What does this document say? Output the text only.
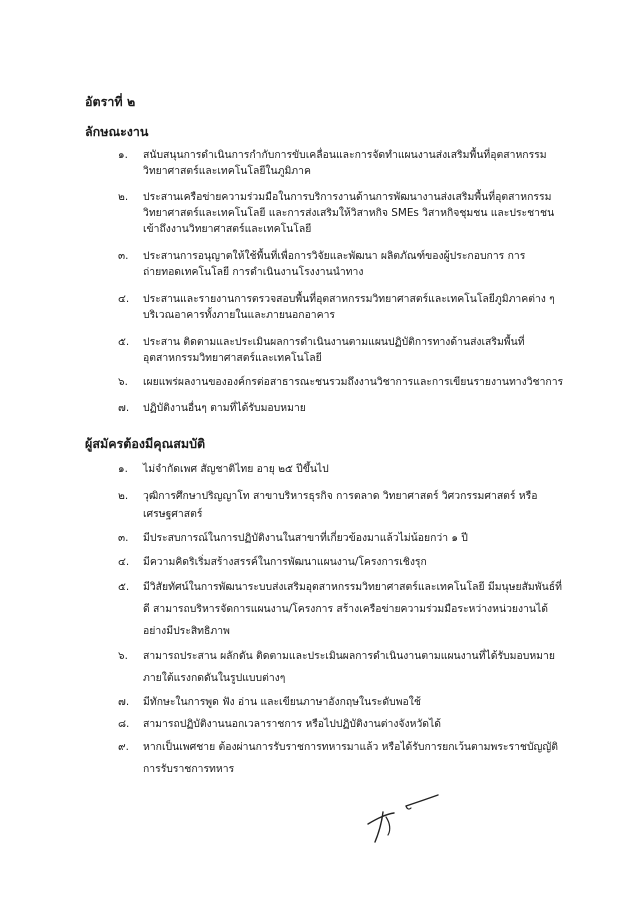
อัตราที่ ๒
ลักษณะงาน
๑. สนับสนุนการดำเนินการกำกับการขับเคลื่อนและการจัดทำแผนงานส่งเสริมพื้นที่อุตสาหกรรม
วิทยาศาสตร์และเทคโนโลยีในภูมิภาค
๒. ประสานเครือข่ายความร่วมมือในการบริการงานด้านการพัฒนางานส่งเสริมพื้นที่อุตสาหกรรม
วิทยาศาสตร์และเทคโนโลยี และการส่งเสริมให้วิสาหกิจ SMEs วิสาหกิจชุมชน และประชาชน
เข้าถึงงานวิทยาศาสตร์และเทคโนโลยี
๓. ประสานการอนุญาตให้ใช้พื้นที่เพื่อการวิจัยและพัฒนา ผลิตภัณฑ์ของผู้ประกอบการ การ
ถ่ายทอดเทคโนโลยี การดำเนินงานโรงงานนำทาง
๔. ประสานและรายงานการตรวจสอบพื้นที่อุตสาหกรรมวิทยาศาสตร์และเทคโนโลยีภูมิภาคต่าง ๆ
บริเวณอาคารทั้งภายในและภายนอกอาคาร
๕. ประสาน ติดตามและประเมินผลการดำเนินงานตามแผนปฏิบัติการทางด้านส่งเสริมพื้นที่
อุตสาหกรรมวิทยาศาสตร์และเทคโนโลยี
๖. เผยแพร่ผลงานขององค์กรต่อสาธารณะชนรวมถึงงานวิชาการและการเขียนรายงานทางวิชาการ
๗. ปฏิบัติงานอื่นๆ ตามที่ได้รับมอบหมาย
ผู้สมัครต้องมีคุณสมบัติ
๑. ไม่จำกัดเพศ สัญชาติไทย อายุ ๒๕ ปีขึ้นไป
๒. วุฒิการศึกษาปริญญาโท สาขาบริหารธุรกิจ การตลาด วิทยาศาสตร์ วิศวกรรมศาสตร์ หรือ
เศรษฐศาสตร์
๓. มีประสบการณ์ในการปฏิบัติงานในสาขาที่เกี่ยวข้องมาแล้วไม่น้อยกว่า ๑ ปี
๔. มีความคิดริเริ่มสร้างสรรค์ในการพัฒนาแผนงาน/โครงการเชิงรุก
๕. มีวิสัยทัศน์ในการพัฒนาระบบส่งเสริมอุตสาหกรรมวิทยาศาสตร์และเทคโนโลยี มีมนุษยสัมพันธ์ที่
ดี สามารถบริหารจัดการแผนงาน/โครงการ สร้างเครือข่ายความร่วมมือระหว่างหน่วยงานได้
อย่างมีประสิทธิภาพ
๖. สามารถประสาน ผลักดัน ติดตามและประเมินผลการดำเนินงานตามแผนงานที่ได้รับมอบหมาย
ภายใต้แรงกดดันในรูปแบบต่างๆ
๗. มีทักษะในการพูด ฟัง อ่าน และเขียนภาษาอังกฤษในระดับพอใช้
๘. สามารถปฏิบัติงานนอกเวลาราชการ หรือไปปฏิบัติงานต่างจังหวัดได้
๙. หากเป็นเพศชาย ต้องผ่านการรับราชการทหารมาแล้ว หรือได้รับการยกเว้นตามพระราชบัญญัติ
การรับราชการทหาร
